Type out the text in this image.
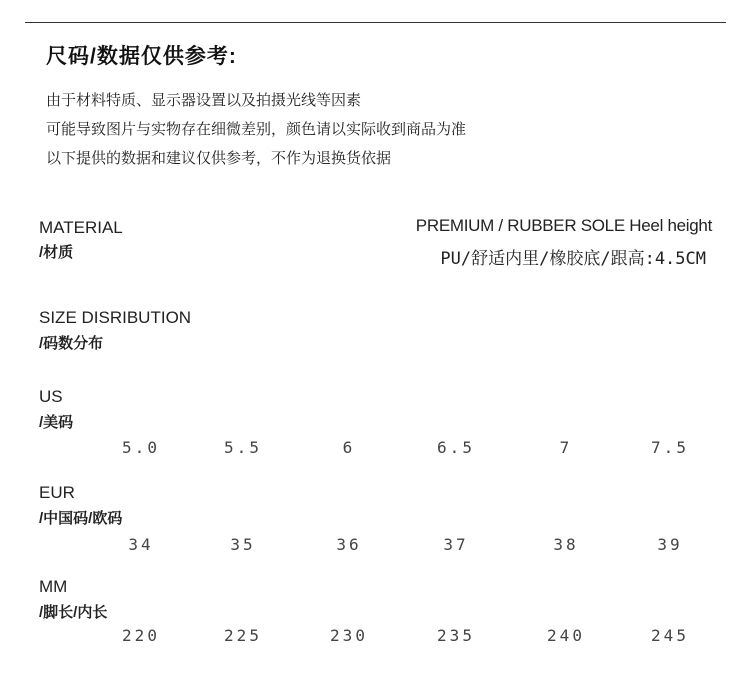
尺码/数据仅供参考:
由于材料特质、显示器设置以及拍摄光线等因素
可能导致图片与实物存在细微差别，颜色请以实际收到商品为准
以下提供的数据和建议仅供参考，不作为退换货依据
MATERIAL
/材质
PREMIUM / RUBBER SOLE Heel height
PU/舒适内里/橡胶底/跟高:4.5CM
SIZE DISRIBUTION
/码数分布
US
/美码
5.0	5.5	6	6.5	7	7.5
EUR
/中国码/欧码
34	35	36	37	38	39
MM
/脚长/内长
220	225	230	235	240	245
